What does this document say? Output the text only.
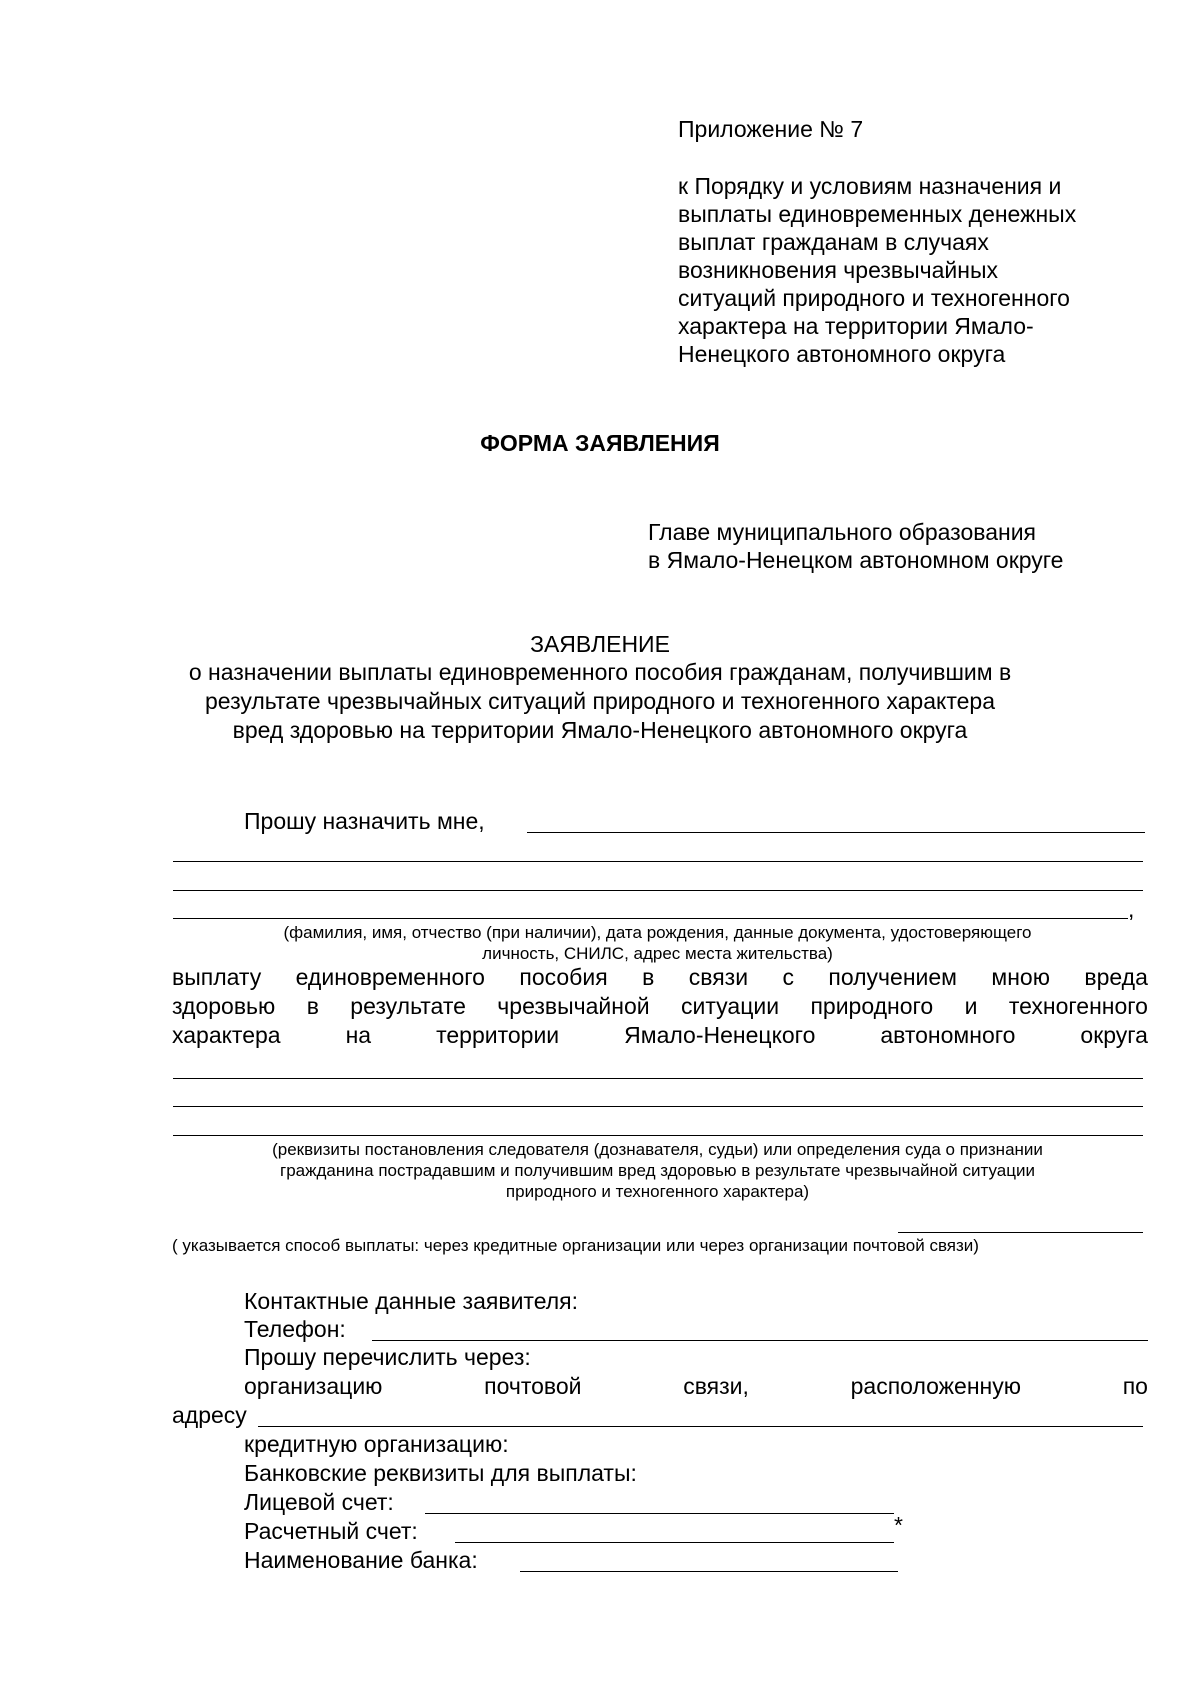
Приложение № 7
к Порядку и условиям назначения и
выплаты единовременных денежных
выплат гражданам в случаях
возникновения чрезвычайных
ситуаций природного и техногенного
характера на территории Ямало-
Ненецкого автономного округа
ФОРМА ЗАЯВЛЕНИЯ
Главе муниципального образования
в Ямало-Ненецком автономном округе
ЗАЯВЛЕНИЕ
о назначении выплаты единовременного пособия гражданам, получившим в
результате чрезвычайных ситуаций природного и техногенного характера
вред здоровью на территории Ямало-Ненецкого автономного округа
Прошу назначить мне,
,
(фамилия, имя, отчество (при наличии), дата рождения, данные документа, удостоверяющего
личность, СНИЛС, адрес места жительства)
выплату единовременного пособия в связи с получением мною вреда
здоровью в результате чрезвычайной ситуации природного и техногенного
характера	на	территории	Ямало-Ненецкого	автономного	округа
(реквизиты постановления следователя (дознавателя, судьи) или определения суда о признании
гражданина пострадавшим и получившим вред здоровью в результате чрезвычайной ситуации
природного и техногенного характера)
( указывается способ выплаты: через кредитные организации или через организации почтовой связи)
Контактные данные заявителя:
Телефон:
Прошу перечислить через:
организацию	почтовой	связи,	расположенную	по
адресу
кредитную организацию:
Банковские реквизиты для выплаты:
Лицевой счет:
Расчетный счет:	*
Наименование банка:
